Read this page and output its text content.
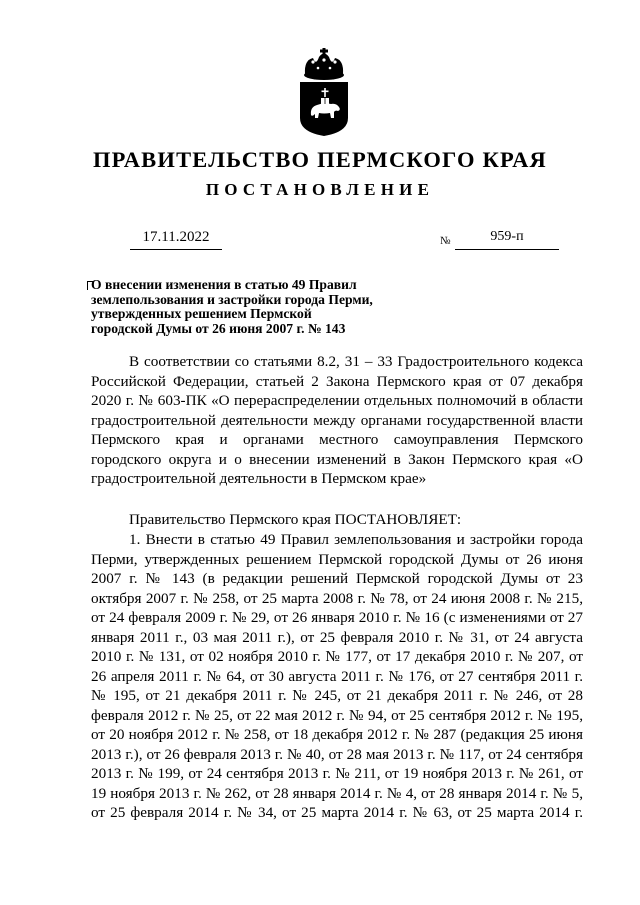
ПРАВИТЕЛЬСТВО ПЕРМСКОГО КРАЯ
ПОСТАНОВЛЕНИЕ
17.11.2022	№	959-п
О внесении изменения в статью 49 Правил
землепользования и застройки города Перми,
утвержденных решением Пермской
городской Думы от 26 июня 2007 г. № 143

В соответствии со статьями 8.2, 31 – 33 Градостроительного кодекса Российской Федерации, статьей 2 Закона Пермского края от 07 декабря 2020 г. № 603-ПК «О перераспределении отдельных полномочий в области градостроительной деятельности между органами государственной власти Пермского края и органами местного самоуправления Пермского городского округа и о внесении изменений в Закон Пермского края «О градостроительной деятельности в Пермском крае»

Правительство Пермского края ПОСТАНОВЛЯЕТ:

1. Внести в статью 49 Правил землепользования и застройки города Перми, утвержденных решением Пермской городской Думы от 26 июня 2007 г. № 143 (в редакции решений Пермской городской Думы от 23 октября 2007 г. № 258, от 25 марта 2008 г. № 78, от 24 июня 2008 г. № 215, от 24 февраля 2009 г. № 29, от 26 января 2010 г. № 16 (с изменениями от 27 января 2011 г., 03 мая 2011 г.), от 25 февраля 2010 г. № 31, от 24 августа 2010 г. № 131, от 02 ноября 2010 г. № 177, от 17 декабря 2010 г. № 207, от 26 апреля 2011 г. № 64, от 30 августа 2011 г. № 176, от 27 сентября 2011 г. № 195, от 21 декабря 2011 г. № 245, от 21 декабря 2011 г. № 246, от 28 февраля 2012 г. № 25, от 22 мая 2012 г. № 94, от 25 сентября 2012 г. № 195, от 20 ноября 2012 г. № 258, от 18 декабря 2012 г. № 287 (редакция 25 июня 2013 г.), от 26 февраля 2013 г. № 40, от 28 мая 2013 г. № 117, от 24 сентября 2013 г. № 199, от 24 сентября 2013 г. № 211, от 19 ноября 2013 г. № 261, от 19 ноября 2013 г. № 262, от 28 января 2014 г. № 4, от 28 января 2014 г. № 5, от 25 февраля 2014 г. № 34, от 25 марта 2014 г. № 63, от 25 марта 2014 г.
